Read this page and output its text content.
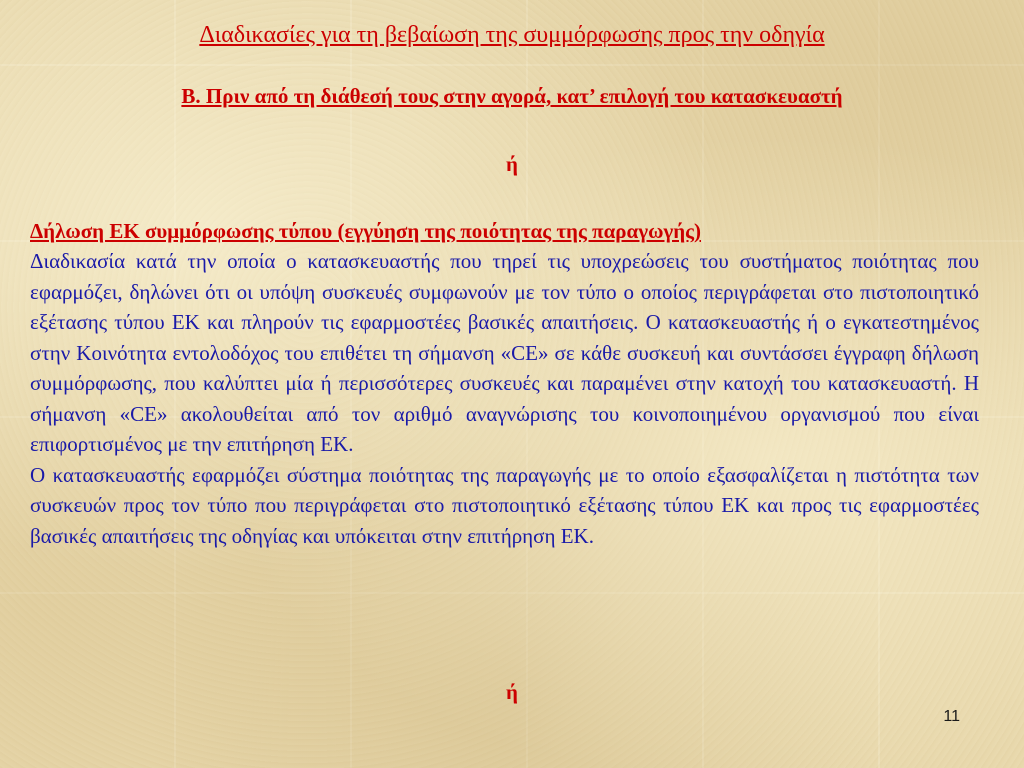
Διαδικασίες για τη βεβαίωση της συμμόρφωσης προς την οδηγία
B. Πριν από τη διάθεσή τους στην αγορά, κατ’ επιλογή του κατασκευαστή
ή

Δήλωση ΕΚ συμμόρφωσης τύπου (εγγύηση της ποιότητας της παραγωγής)

Διαδικασία κατά την οποία ο κατασκευαστής που τηρεί τις υποχρεώσεις του συστήματος ποιότητας που εφαρμόζει, δηλώνει ότι οι υπόψη συσκευές συμφωνούν με τον τύπο ο οποίος περιγράφεται στο πιστοποιητικό εξέτασης τύπου ΕΚ και πληρούν τις εφαρμοστέες βασικές απαιτήσεις. Ο κατασκευαστής ή ο εγκατεστημένος στην Κοινότητα εντολοδόχος του επιθέτει τη σήμανση «CE» σε κάθε συσκευή και συντάσσει έγγραφη δήλωση συμμόρφωσης, που καλύπτει μία ή περισσότερες συσκευές και παραμένει στην κατοχή του κατασκευαστή. Η σήμανση «CE» ακολουθείται από τον αριθμό αναγνώρισης του κοινοποιημένου οργανισμού που είναι επιφορτισμένος με την επιτήρηση ΕΚ.

Ο κατασκευαστής εφαρμόζει σύστημα ποιότητας της παραγωγής με το οποίο εξασφαλίζεται η πιστότητα των συσκευών προς τον τύπο που περιγράφεται στο πιστοποιητικό εξέτασης τύπου ΕΚ και προς τις εφαρμοστέες βασικές απαιτήσεις της οδηγίας και υπόκειται στην επιτήρηση ΕΚ.

ή
11
